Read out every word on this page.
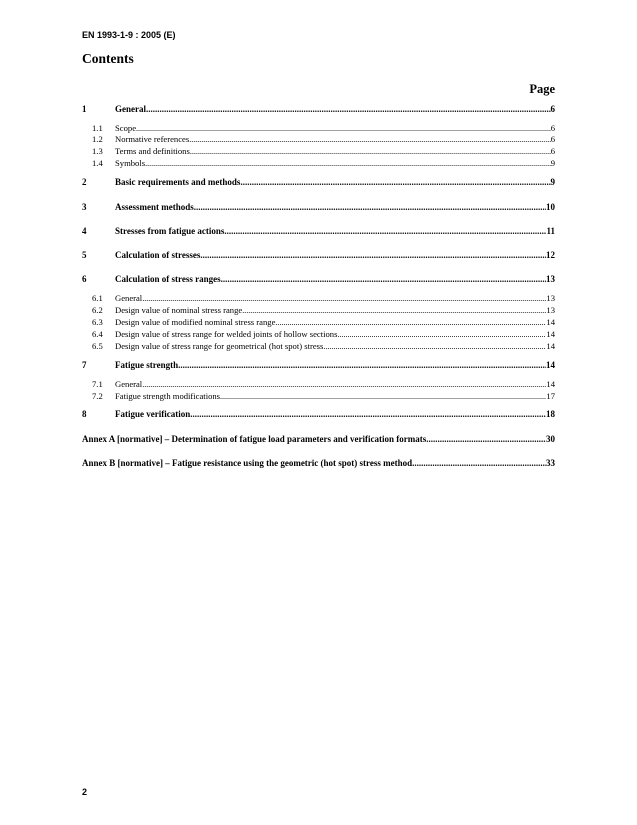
EN 1993-1-9 : 2005 (E)
Contents
Page
1	General .....	6
1.1	Scope .....	6
1.2	Normative references .....	6
1.3	Terms and definitions .....	6
1.4	Symbols .....	9
2	Basic requirements and methods .....	9
3	Assessment methods .....	10
4	Stresses from fatigue actions .....	11
5	Calculation of stresses .....	12
6	Calculation of stress ranges .....	13
6.1	General .....	13
6.2	Design value of nominal stress range .....	13
6.3	Design value of modified nominal stress range .....	14
6.4	Design value of stress range for welded joints of hollow sections .....	14
6.5	Design value of stress range for geometrical (hot spot) stress .....	14
7	Fatigue strength .....	14
7.1	General .....	14
7.2	Fatigue strength modifications .....	17
8	Fatigue verification .....	18
Annex A [normative] – Determination of fatigue load parameters and verification formats .....	30
Annex B [normative] – Fatigue resistance using the geometric (hot spot) stress method .....	33
2
